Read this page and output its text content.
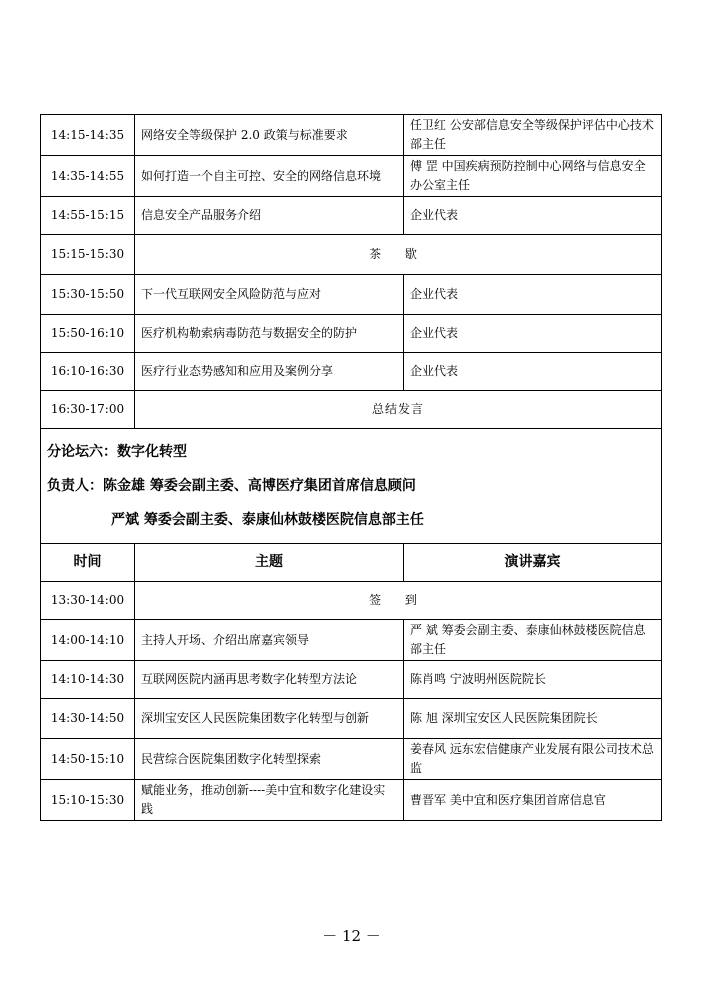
14:15-14:35	网络安全等级保护 2.0 政策与标准要求	任卫红 公安部信息安全等级保护评估中心技术部主任
14:35-14:55	如何打造一个自主可控、安全的网络信息环境	傅 罡 中国疾病预防控制中心网络与信息安全办公室主任
14:55-15:15	信息安全产品服务介绍	企业代表
15:15-15:30	茶 歇	
15:30-15:50	下一代互联网安全风险防范与应对	企业代表
15:50-16:10	医疗机构勒索病毒防范与数据安全的防护	企业代表
16:10-16:30	医疗行业态势感知和应用及案例分享	企业代表
16:30-17:00	总结发言	

分论坛六：数字化转型
负责人：陈金雄 筹委会副主委、高博医疗集团首席信息顾问
严斌 筹委会副主委、泰康仙林鼓楼医院信息部主任		

时间	主题	演讲嘉宾
13:30-14:00	签 到	
14:00-14:10	主持人开场、介绍出席嘉宾领导	严 斌 筹委会副主委、泰康仙林鼓楼医院信息部主任
14:10-14:30	互联网医院内涵再思考数字化转型方法论	陈肖鸣 宁波明州医院院长
14:30-14:50	深圳宝安区人民医院集团数字化转型与创新	陈 旭 深圳宝安区人民医院集团院长
14:50-15:10	民营综合医院集团数字化转型探索	姜春风 远东宏信健康产业发展有限公司技术总监
15:10-15:30	赋能业务，推动创新----美中宜和数字化建设实践	曹晋军 美中宜和医疗集团首席信息官
－ 12 －
